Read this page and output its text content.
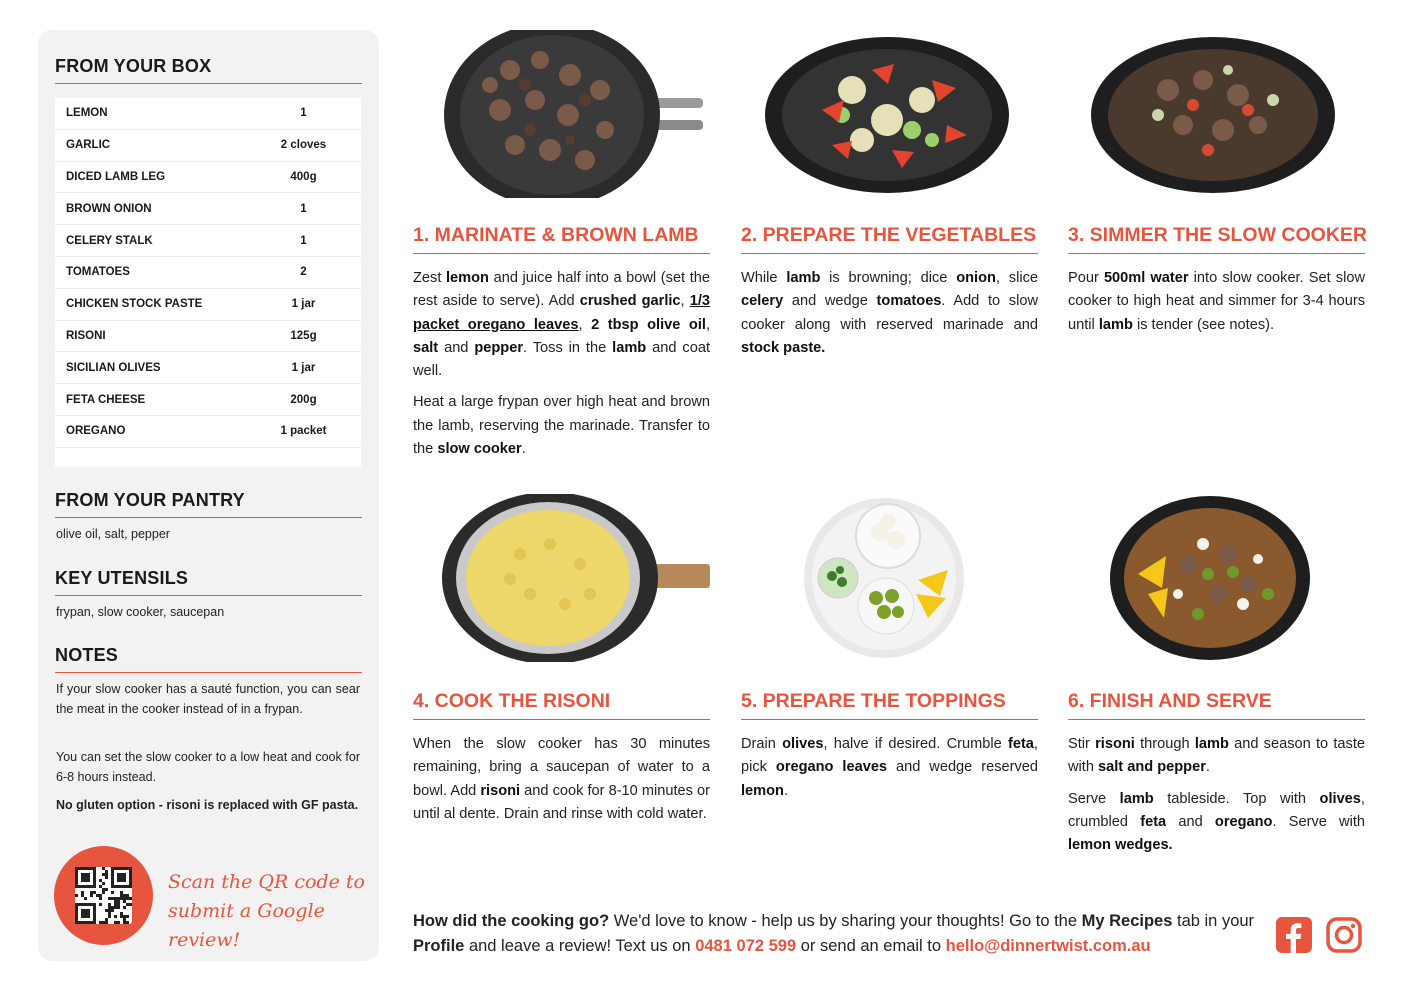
FROM YOUR BOX
LEMON	1
GARLIC	2 cloves
DICED LAMB LEG	400g
BROWN ONION	1
CELERY STALK	1
TOMATOES	2
CHICKEN STOCK PASTE	1 jar
RISONI	125g
SICILIAN OLIVES	1 jar
FETA CHEESE	200g
OREGANO	1 packet
FROM YOUR PANTRY
olive oil, salt, pepper
KEY UTENSILS
frypan, slow cooker, saucepan
NOTES
If your slow cooker has a sauté function, you can sear the meat in the cooker instead of in a frypan.
You can set the slow cooker to a low heat and cook for 6-8 hours instead.
No gluten option - risoni is replaced with GF pasta.
Scan the QR code to
submit a Google review!
1. MARINATE & BROWN LAMB	2. PREPARE THE VEGETABLES 3. SIMMER THE SLOW COOKER
4. COOK THE RISONI	5. PREPARE THE TOPPINGS	6. FINISH AND SERVE

Zest lemon and juice half into a bowl (set the rest aside to serve). Add crushed garlic, 1/3 packet oregano leaves, 2 tbsp olive oil, salt and pepper. Toss in the lamb and coat well.

Heat a large frypan over high heat and brown the lamb, reserving the marinade. Transfer to the slow cooker.

While lamb is browning; dice onion, slice celery and wedge tomatoes. Add to slow cooker along with reserved marinade and stock paste.

Pour 500ml water into slow cooker. Set slow cooker to high heat and simmer for 3-4 hours until lamb is tender (see notes).

When the slow cooker has 30 minutes remaining, bring a saucepan of water to a bowl. Add risoni and cook for 8-10 minutes or until al dente. Drain and rinse with cold water.

Drain olives, halve if desired. Crumble feta, pick oregano leaves and wedge reserved lemon.

Stir risoni through lamb and season to taste with salt and pepper.

Serve lamb tableside. Top with olives, crumbled feta and oregano. Serve with lemon wedges.

How did the cooking go? We'd love to know - help us by sharing your thoughts! Go to the My Recipes tab in your Profile and leave a review! Text us on 0481 072 599 or send an email to hello@dinnertwist.com.au
